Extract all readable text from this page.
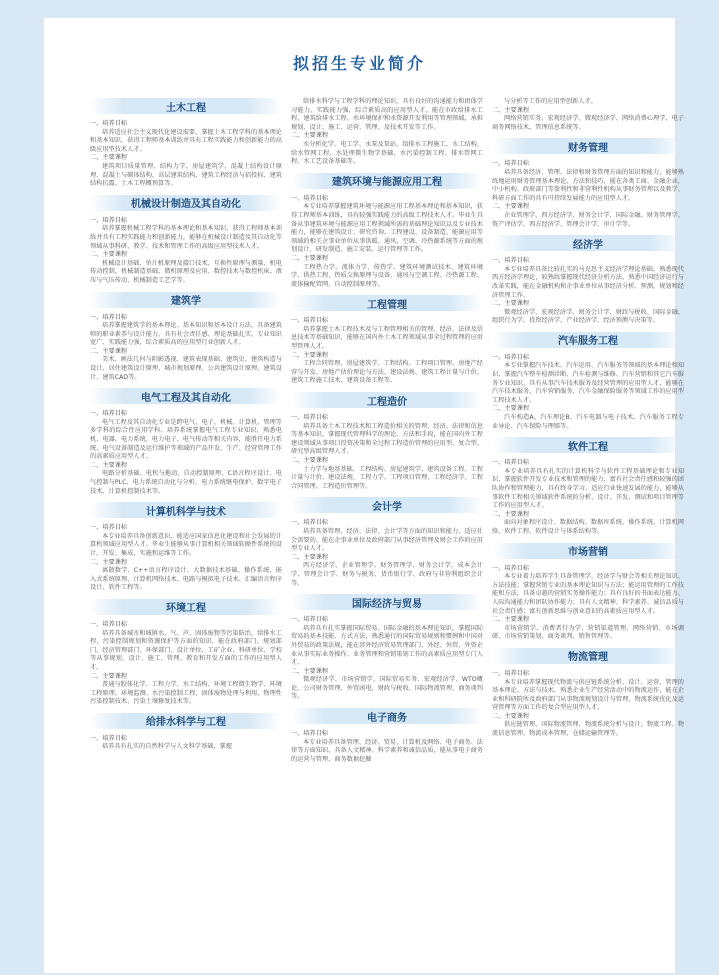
拟招生专业简介
土木工程

一、培养目标

培养适应社会主义现代化建设需要，掌握土木工程学科的基本理论和基本知识，获得工程师基本训练并具有工程实践能力和创新能力的高级应用型技术人才。

二、主要课程

建筑项目质量管理、结构力学、房屋建筑学、混凝土结构设计原理、混凝土与砌体结构、高层建筑结构、建筑工程经济与招投标、建筑结构抗震、土木工程概预算等。

机械设计制造及其自动化

一、培养目标

培养掌握机械工程学科的基本理论和基本知识，获得工程师基本训练并具有工程实践能力和创新能力，能够在机械设计制造及其自动化等领域从事科研、教学、技术和管理工作的高级应用型技术人才。

二、主要课程

机械设计基础、单片机原理及接口技术、互换性原理与测量、机电传动控制、机械制造基础、微机原理及应用、数控技术与数控机床、液压与气压传动、机械制造工艺学等。

建筑学

一、培养目标

培养掌握建筑学的基本理论、基本知识和基本设计方法，具备建筑师的职业素养与设计能力，具有社会责任感、理论基础扎实、专业知识宽广、实践能力强，综合素质高的应用型行业创新人才。

二、主要课程

美术、画法几何与阴影透视、建筑表现基础、建筑史、建筑构造与设计、居住建筑设计原理、城市规划原理、公共建筑设计原理、建筑设计、建筑CAD等。

电气工程及其自动化

一、培养目标

电气工程及其自动化专业是跨电气、电子、机械、计算机、管理等多学科的综合性应用学科。培养系统掌握电气工程专业知识，熟悉电机、电器、电力系统、电力电子、电气传动等相关内容，能胜任电力系统、电气设备制造及运行维护等领域的产品开发、生产、经营管理工作的高素质应用型人才。

二、主要课程

电路分析基础、电机与拖动、自动控制原理、C语言程序设计、电气控制与PLC、电力系统自动化与分析、电力系统继电保护、数字电子技术、计算机控制技术等。

计算机科学与技术

一、培养目标

本专业培养具备创新意识，能适应国家信息化建设和社会发展的计算机领域应用型人才。毕业生能够从事计算机相关领域软硬件系统的设计、开发、集成、实施和运维等工作。

二、主要课程

离散数学、C++语言程序设计、大数据技术基础、操作系统、嵌入式系统原理、计算机网络技术、电路与模拟电子技术、汇编语言程序设计、软件工程等。

环境工程

一、培养目标

培养具备城市和城镇水、气、声、固体废物等污染防治，给排水工程，污染控制规划和资源保护等方面的知识，能在政府部门、规划部门、经济管理部门、环保部门、设计单位、工矿企业、科研单位、学校等从事规划、设计、施工、管理、教育和开发方面的工作的应用型人才。

二、主要课程

普通与胶体化学、工程力学、水工结构、环境工程微生物学、环境工程原理、环境监测、水污染控制工程、固体废物处理与利用、物理性污染控制技术、污染土壤修复技术等。

给排水科学与工程

一、培养目标

培养具有扎实的自然科学与人文科学基础，掌握

给排水科学与工程学科的理论知识，具有良好的沟通能力和团体学习能力，实践能力强，综合素质高的应用型人才。能在市政给排水工程、建筑给排水工程、水环境保护和水资源开发利用等管理领域，承担规划、设计、施工、运营、管理、及技术开发等工作。

二、主要课程

水分析化学、电工学、水泵及泵站、给排水工程施工、水工结构、给水管网工程、水处理微生物学基础、水污染控制工程、排水管网工程、水工艺设备基础等。

建筑环境与能源应用工程

一、培养目标

本专业培养掌握建筑环境与能源应用工程基本理论和基本知识，获得工程师基本训练，具有较强实践能力的高级工程技术人才。毕业生具备从事建筑环境与能源应用工程领域所需的基础理论知识以及专业技术能力，能够在建筑设计、研究咨询、工程建设、设备制造、能源应用等领域的相关企事业单位从事供暖、通风、空调、冷热源系统等方面的规划设计、研发制造、施工安装、运行管理等工作。

二、主要课程

工程热力学、流体力学、传热学、建筑环境测试技术、建筑环境学、供热工程、热质交换原理与设备、通风与空调工程、冷热源工程、流体输配管网、自动控制原理等。

工程管理

一、培养目标

培养掌握土木工程技术及与工程管理相关的管理、经济、法律及信息技术等基础知识，能够在国内外土木工程领域从事全过程管理的应用型管理人才。

二、主要课程

工程合同管理、房屋建筑学、工程结构、工程项目管理、房地产经营与开发、房地产估价理论与方法、建设法规、建筑工程计量与计价、建筑工程施工技术、建筑设备工程等。

工程造价

一、培养目标

培养具备土木工程技术和工程造价相关的管理、经济、法律和信息等基本知识，掌握现代管理科学的理论、方法和手段，能在国内外工程建设领域从事项目投资决策和全过程工程造价管理的应用型、复合型、研究型高级管理人才。

二、主要课程

土力学与地基基础、工程结构、房屋建筑学、建筑设备工程、工程计量与计价、建设法规、工程力学、工程项目管理、工程经济学、工程合同管理、工程造价管理等。

会计学

一、培养目标

培养具备管理、经济、法律、会计学等方面的知识和能力，适应社会需要的、能在企事业单位及政府部门从事经济管理及财会工作的应用型专业人才。

二、主要课程

西方经济学、企业管理学、财务管理学、财务会计学、成本会计学、管理会计学、财务与税务、货币银行学、政府与非营利组织会计等。

国际经济与贸易

一、培养目标

培养具有扎实掌握国际贸易、国际金融的基本理论知识，掌握国际贸易的基本技能、方式方法，熟悉通行的国际贸易规则和惯例和中国对外贸易的政策法规，能在涉外经济贸易管理部门、外经、外贸、外资企业从事实际业务操作、业务管理和营销策划工作的高素质应用型专门人才。

二、主要课程

微观经济学、市场营销学、国际贸易实务、宏观经济学、WTO概论、公司财务管理、外贸函电、财政与税收、国际物流管理、商务谈判等。

电子商务

一、培养目标

本专业培养具备管理、经济、贸易、计算机及网络、电子商务、法律等方面知识，具备人文精神、科学素养和诚信品质，能从事电子商务的运营与管理，商务数据挖掘

与分析等工作的应用型创新人才。

二、主要课程

网络营销实务、宏观经济学、微观经济学、网络消费心理学、电子商务网络技术、管理信息系统等。

财务管理

一、培养目标

培养具备经济、管理、法律和财务管理方面的知识和能力，能够熟练地运用财务管理基本理论、方法和技巧，能在各类工商、金融企业，中小机构、政府部门等盈利性和非营利性机构从事财务管理以及教学、科研方面工作的具有可持续发展能力的应用型人才。

二、主要课程

企业管理学、西方经济学、财务会计学、国际金融、财务管理学、资产评估学、西方经济学、管理会计学、审计学等。

经济学

一、培养目标

本专业培养具备比较扎实的马克思主义经济学理论基础，熟悉现代西方经济学理论，较熟练掌握现代经济分析方法，熟悉中国经济运行与改革实践，能在金融机构和企事业单位从事经济分析、预测、规划和经济管理工作。

二、主要课程

微观经济学、宏观经济学、财务会计学、财政与税收、国际金融、组织行为学、投资经济学、产业经济学、经济预测与决策等。

汽车服务工程

一、培养目标

本专业掌握汽车技术、汽车运用、汽车服务等领域的基本理论和知识，掌握汽车整车检测诊断、汽车检测与维修、汽车营销和其它汽车服务专业知识，具有从事汽车技术服务及经营管理的应用型人才，能够在汽车技术服务、汽车营销服务、汽车金融保险服务等领域工作的应用型工程技术人才。

二、主要课程

汽车构造A、汽车理论B、汽车电器与电子技术、汽车服务工程专业导论、汽车保险与理赔等。

软件工程

一、培养目标

本专业培养具有扎实的计算机科学与软件工程基础理论和专业知识，掌握软件开发专业技术和管理的能力，富有社会责任感和较强的团队协作和管理能力，具有终身学习、适应行业快速发展的能力，能够从事软件工程相关领域软件系统的分析、设计、开发、测试和项目管理等工作的应用型人才。

二、主要课程

面向对象程序设计、数据结构、数据库系统、操作系统、计算机网络、软件工程、软件设计与体系结构等。

市场营销

一、培养目标

本专业着力培养学生具备管理学、经济学与财会等相关理论知识、方法技能；掌握营销专业的基本理论知识与方法；能运用管理的工作技能和方法，具备卓越的营销实务操作能力；具有良好的书面表达能力、人际沟通能力和团队协作能力；具有人文精神、科学素养、诚信品质与社会责任感；富有创新思维与创业意识的高素质应用型人才。

二、主要课程

市场营销学、消费者行为学、营销渠道管理、网络营销、市场调研、市场营销策划、商务谈判、销售管理等。

物流管理

一、培养目标

本专业培养掌握现代物流与供应链系统分析、设计、运营、管理的基本理论、方法与技术，熟悉企业生产经营活动中的物流运作，能在企业和科研院所及政府部门从事物流规划设计与管理、物流系统优化及运营管理等方面工作的复合型应用型人才。

二、主要课程

供应链管理、国际物流管理、物流系统分析与设计、物流工程、物流信息管理、物流成本管理、仓储运输管理等。
